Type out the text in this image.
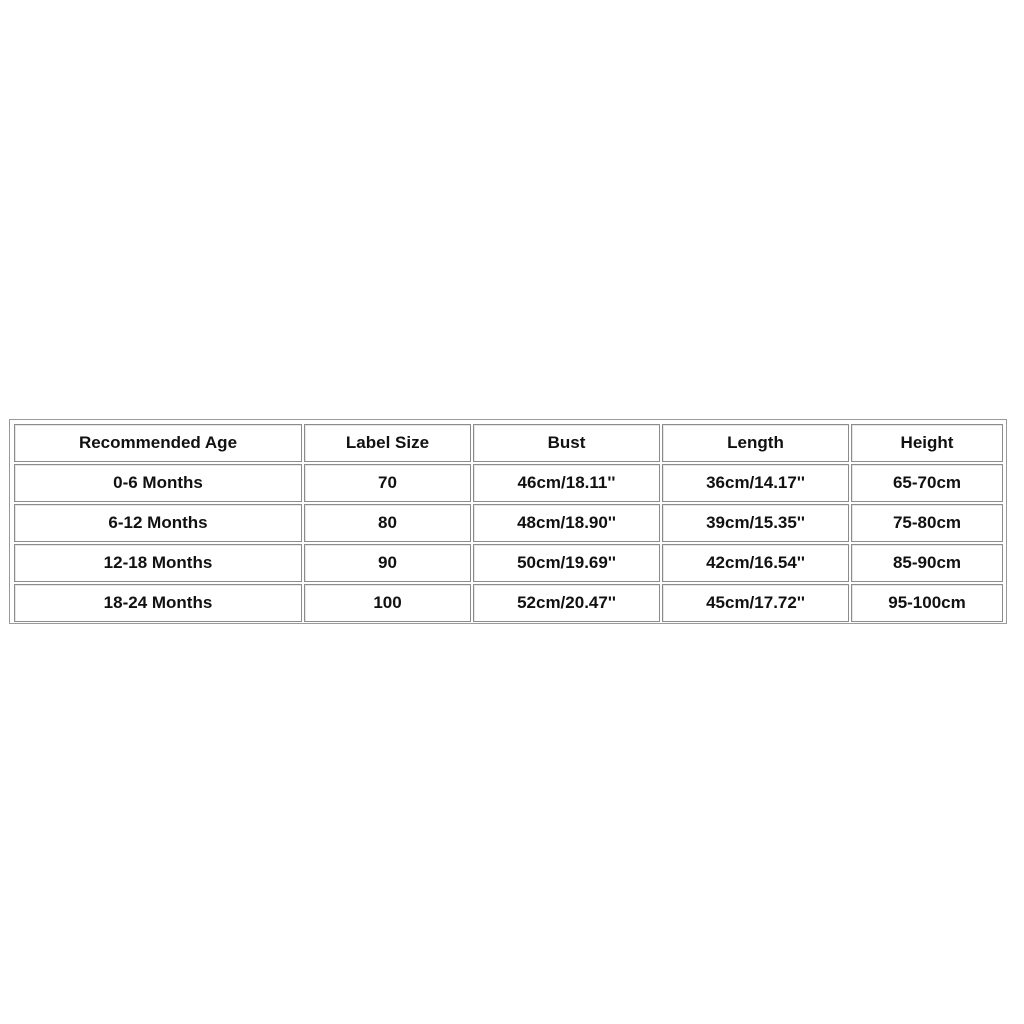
Recommended Age	Label Size	Bust	Length	Height
0-6 Months	70	46cm/18.11''	36cm/14.17''	65-70cm
6-12 Months	80	48cm/18.90''	39cm/15.35''	75-80cm
12-18 Months	90	50cm/19.69''	42cm/16.54''	85-90cm
18-24 Months	100	52cm/20.47''	45cm/17.72''	95-100cm
